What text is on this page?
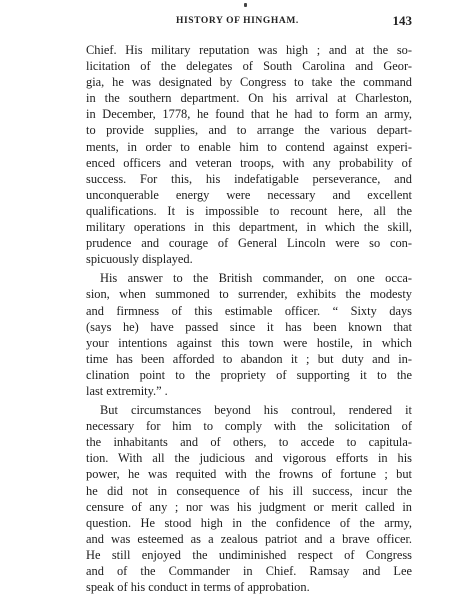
HISTORY OF HINGHAM.	143
Chief. His military reputation was high ; and at the so-
licitation of the delegates of South Carolina and Geor-
gia, he was designated by Congress to take the command
in the southern department. On his arrival at Charleston,
in December, 1778, he found that he had to form an army,
to provide supplies, and to arrange the various depart-
ments, in order to enable him to contend against experi-
enced officers and veteran troops, with any probability of
success. For this, his indefatigable perseverance, and
unconquerable energy were necessary and excellent
qualifications. It is impossible to recount here, all the
military operations in this department, in which the skill,
prudence and courage of General Lincoln were so con-
spicuously displayed.
His answer to the British commander, on one occa-
sion, when summoned to surrender, exhibits the modesty
and firmness of this estimable officer. “ Sixty days
(says he) have passed since it has been known that
your intentions against this town were hostile, in which
time has been afforded to abandon it ; but duty and in-
clination point to the propriety of supporting it to the
last extremity.” .
But circumstances beyond his controul, rendered it
necessary for him to comply with the solicitation of
the inhabitants and of others, to accede to capitula-
tion. With all the judicious and vigorous efforts in his
power, he was requited with the frowns of fortune ; but
he did not in consequence of his ill success, incur the
censure of any ; nor was his judgment or merit called in
question. He stood high in the confidence of the army,
and was esteemed as a zealous patriot and a brave officer.
He still enjoyed the undiminished respect of Congress
and of the Commander in Chief. Ramsay and Lee
speak of his conduct in terms of approbation.
